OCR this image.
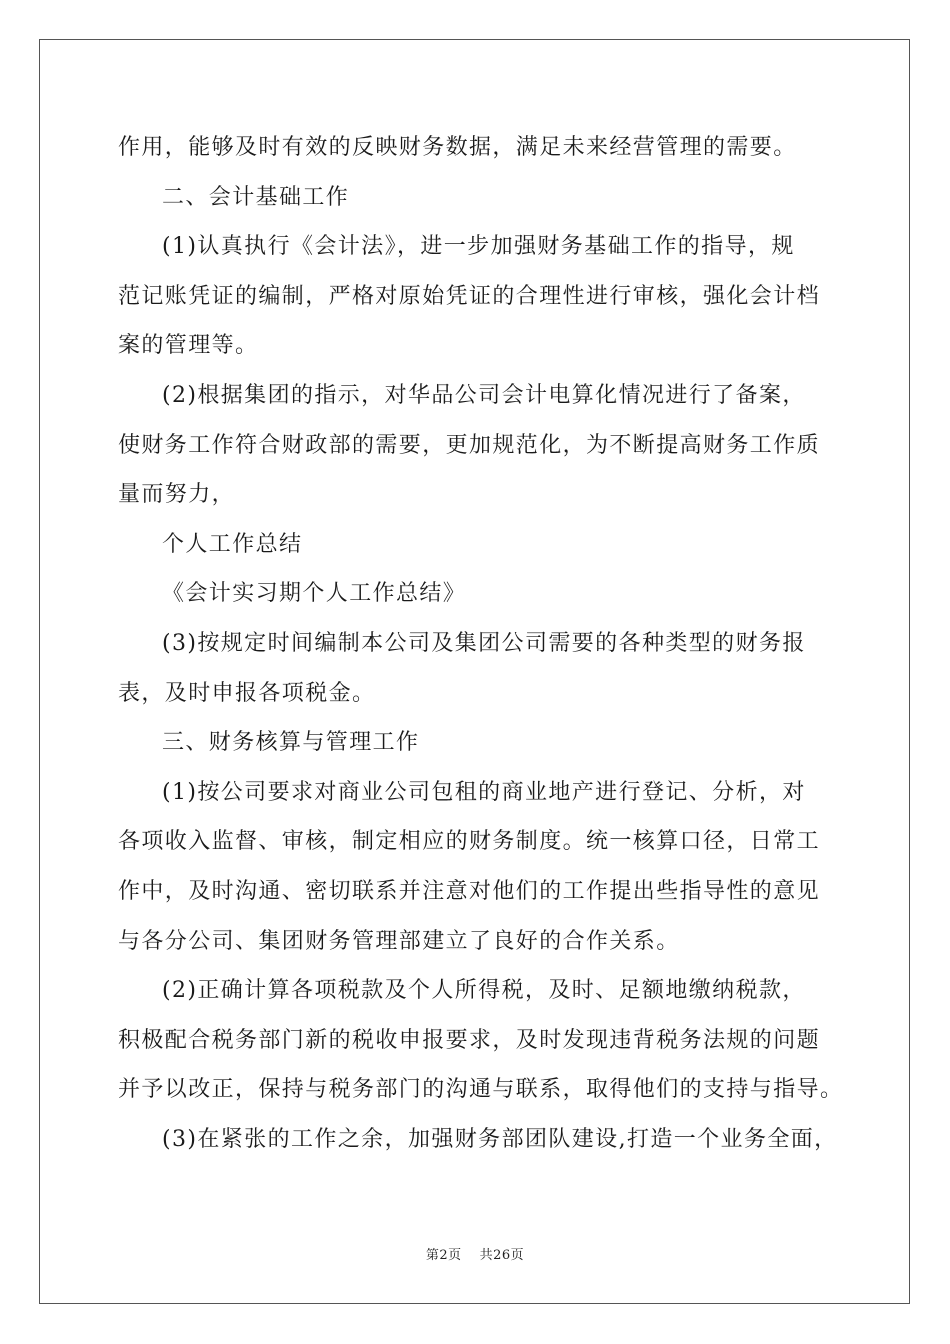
作用，能够及时有效的反映财务数据，满足未来经营管理的需要。
二、会计基础工作
(1)认真执行《会计法》，进一步加强财务基础工作的指导，规
范记账凭证的编制，严格对原始凭证的合理性进行审核，强化会计档
案的管理等。
(2)根据集团的指示，对华品公司会计电算化情况进行了备案，
使财务工作符合财政部的需要，更加规范化，为不断提高财务工作质
量而努力，
个人工作总结
《会计实习期个人工作总结》
(3)按规定时间编制本公司及集团公司需要的各种类型的财务报
表，及时申报各项税金。
三、财务核算与管理工作
(1)按公司要求对商业公司包租的商业地产进行登记、分析，对
各项收入监督、审核，制定相应的财务制度。统一核算口径，日常工
作中，及时沟通、密切联系并注意对他们的工作提出些指导性的意见
与各分公司、集团财务管理部建立了良好的合作关系。
(2)正确计算各项税款及个人所得税，及时、足额地缴纳税款，
积极配合税务部门新的税收申报要求，及时发现违背税务法规的问题
并予以改正，保持与税务部门的沟通与联系，取得他们的支持与指导。
(3)在紧张的工作之余，加强财务部团队建设,打造一个业务全面，
第2页 共26页
